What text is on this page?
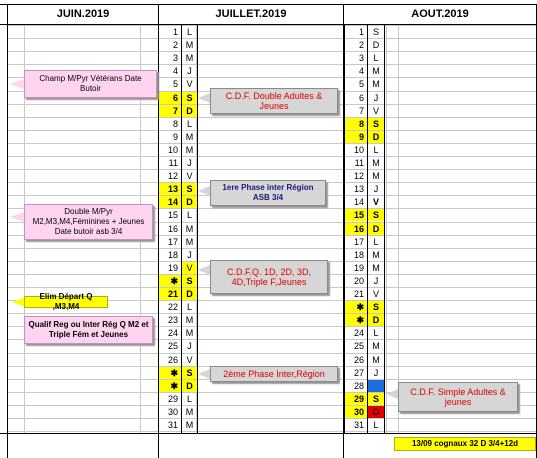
JUIN.2019	JUILLET.2019	AOUT.2019
1 L
2 M
3 M
4	J
5 V
6 S
7 D
8 L
9 M
10 M
11	J
12 V
13 S
14 D
15 L
16 M
17 M
18	J
19 V
✱ S
21 D
22 L
23 M
24 M
25	J
26 V
✱ S
✱ D
29 L
30 M
31 M
1 S
2 D
3	L
4 M
5 M
6	J
7 V
8 S
9 D
10	L
11 M
12 M
13	J
14 V
15 S
16 D
17	L
18 M
19 M
20	J
21 V
✱ S
✱ D
24	L
25 M
26 M
27	J
28
29 S
30 D
31	L
Champ M/Pyr Vétérans Date Butoir
Double M/Pyr M2,M3,M4,Féminines + Jeunes Date butoir asb 3/4
Elim Départ Q ,M3,M4
Qualif Reg ou Inter Rég Q M2 et Triple Fém et Jeunes
C.D.F. Double Adultes & Jeunes
1ere Phase inter Région ASB 3/4
C.D.F.Q. 1D, 2D, 3D, 4D,Triple F,Jeunes
2ème Phase Inter,Région
C.D.F. Simple Adultes & jeunes
13/09 cognaux 32 D 3/4+12d
